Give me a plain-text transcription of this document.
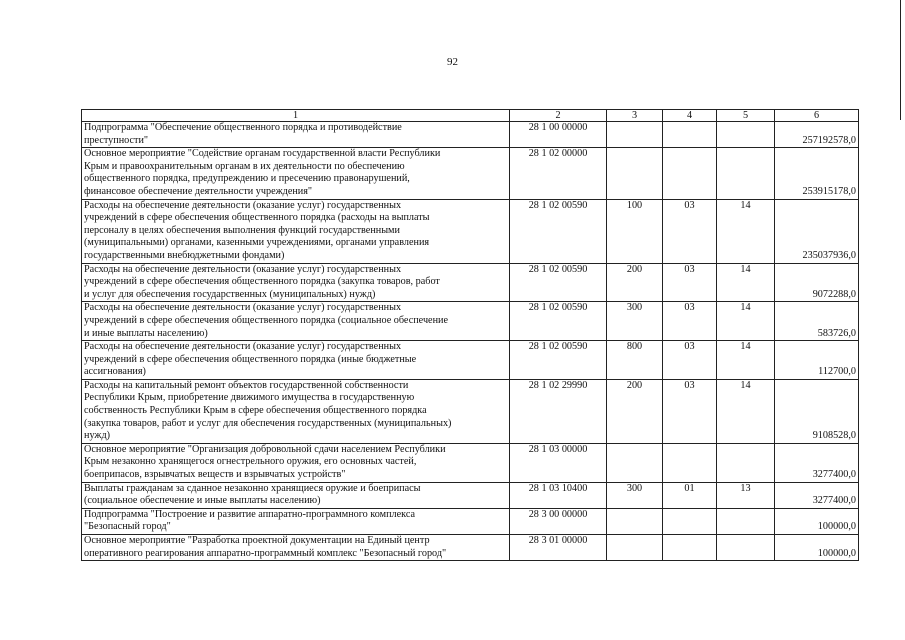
92
1	2	3	4	5	6

Подпрограмма "Обеспечение общественного порядка и противодействие
преступности"	28 1 00 00000				257192578,0

Основное мероприятие "Содействие органам государственной власти Республики
Крым и правоохранительным органам в их деятельности по обеспечению
общественного порядка, предупреждению и пресечению правонарушений,
финансовое обеспечение деятельности учреждения"	28 1 02 00000				253915178,0

Расходы на обеспечение деятельности (оказание услуг) государственных
учреждений в сфере обеспечения общественного порядка (расходы на выплаты
персоналу в целях обеспечения выполнения функций государственными
(муниципальными) органами, казенными учреждениями, органами управления
государственными внебюджетными фондами)	28 1 02 00590	100	03	14	235037936,0

Расходы на обеспечение деятельности (оказание услуг) государственных
учреждений в сфере обеспечения общественного порядка (закупка товаров, работ
и услуг для обеспечения государственных (муниципальных) нужд)	28 1 02 00590	200	03	14	9072288,0

Расходы на обеспечение деятельности (оказание услуг) государственных
учреждений в сфере обеспечения общественного порядка (социальное обеспечение
и иные выплаты населению)	28 1 02 00590	300	03	14	583726,0

Расходы на обеспечение деятельности (оказание услуг) государственных
учреждений в сфере обеспечения общественного порядка (иные бюджетные
ассигнования)	28 1 02 00590	800	03	14	112700,0

Расходы на капитальный ремонт объектов государственной собственности
Республики Крым, приобретение движимого имущества в государственную
собственность Республики Крым в сфере обеспечения общественного порядка
(закупка товаров, работ и услуг для обеспечения государственных (муниципальных)
нужд)	28 1 02 29990	200	03	14	9108528,0

Основное мероприятие "Организация добровольной сдачи населением Республики
Крым незаконно хранящегося огнестрельного оружия, его основных частей,
боеприпасов, взрывчатых веществ и взрывчатых устройств"	28 1 03 00000				3277400,0

Выплаты гражданам за сданное незаконно хранящиеся оружие и боеприпасы
(социальное обеспечение и иные выплаты населению)	28 1 03 10400	300	01	13	3277400,0

Подпрограмма "Построение и развитие аппаратно-программного комплекса
"Безопасный город"	28 3 00 00000				100000,0

Основное мероприятие "Разработка проектной документации на Единый центр
оперативного реагирования аппаратно-программный комплекс "Безопасный город"	28 3 01 00000				100000,0
